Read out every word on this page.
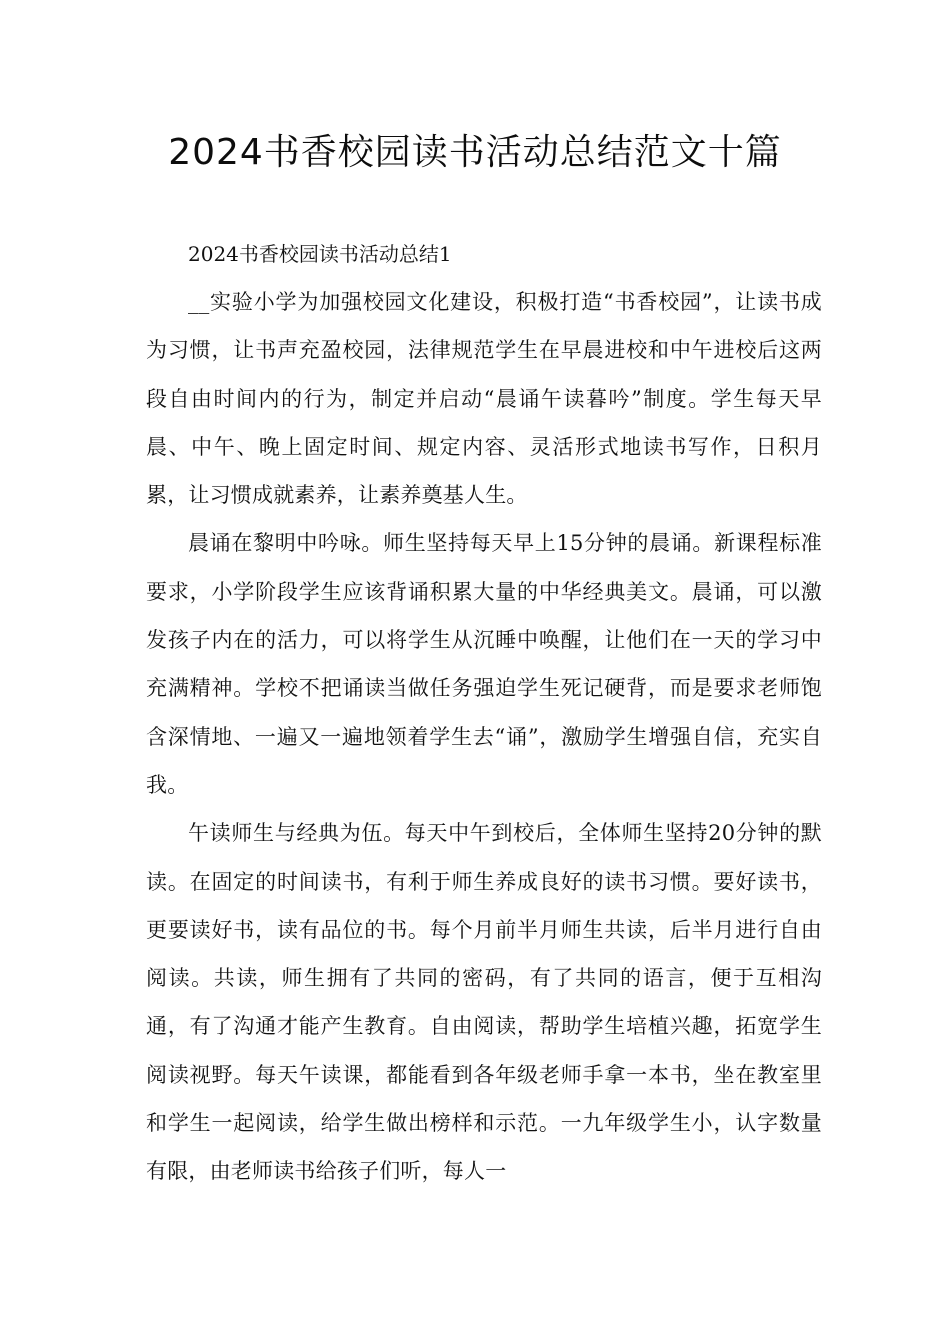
2024书香校园读书活动总结范文十篇

2024书香校园读书活动总结1

__实验小学为加强校园文化建设，积极打造“书香校园”，让读书成为习惯，让书声充盈校园，法律规范学生在早晨进校和中午进校后这两段自由时间内的行为，制定并启动“晨诵午读暮吟”制度。学生每天早晨、中午、晚上固定时间、规定内容、灵活形式地读书写作，日积月累，让习惯成就素养，让素养奠基人生。

晨诵在黎明中吟咏。师生坚持每天早上15分钟的晨诵。新课程标准要求，小学阶段学生应该背诵积累大量的中华经典美文。晨诵，可以激发孩子内在的活力，可以将学生从沉睡中唤醒，让他们在一天的学习中充满精神。学校不把诵读当做任务强迫学生死记硬背，而是要求老师饱含深情地、一遍又一遍地领着学生去“诵”，激励学生增强自信，充实自我。

午读师生与经典为伍。每天中午到校后，全体师生坚持20分钟的默读。在固定的时间读书，有利于师生养成良好的读书习惯。要好读书，更要读好书，读有品位的书。每个月前半月师生共读，后半月进行自由阅读。共读，师生拥有了共同的密码，有了共同的语言，便于互相沟通，有了沟通才能产生教育。自由阅读，帮助学生培植兴趣，拓宽学生阅读视野。每天午读课，都能看到各年级老师手拿一本书，坐在教室里和学生一起阅读，给学生做出榜样和示范。一九年级学生小，认字数量有限，由老师读书给孩子们听，每人一
